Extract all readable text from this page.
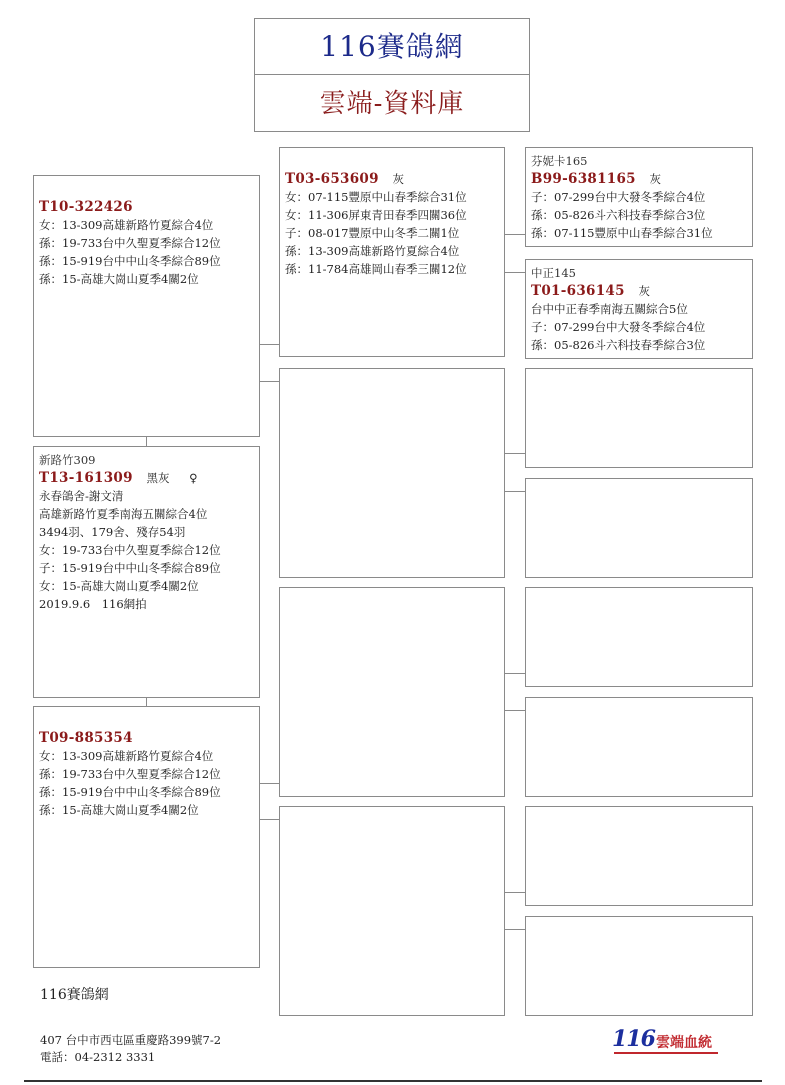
116賽鴿網
雲端-資料庫
T10-322426
女：13-309高雄新路竹夏綜合4位
孫：19-733台中久聖夏季綜合12位
孫：15-919台中中山冬季綜合89位
孫：15-高雄大崗山夏季4關2位
新路竹309
T13-161309 黑灰 ♀
永春鴿舍-謝文清
高雄新路竹夏季南海五關綜合4位
3494羽、179舍、殘存54羽
女：19-733台中久聖夏季綜合12位
子：15-919台中中山冬季綜合89位
女：15-高雄大崗山夏季4關2位
2019.9.6　116網拍
T09-885354
女：13-309高雄新路竹夏綜合4位
孫：19-733台中久聖夏季綜合12位
孫：15-919台中中山冬季綜合89位
孫：15-高雄大崗山夏季4關2位
T03-653609 灰
女：07-115豐原中山春季綜合31位
女：11-306屏東青田春季四關36位
子：08-017豐原中山冬季二關1位
孫：13-309高雄新路竹夏綜合4位
孫：11-784高雄岡山春季三關12位
芬妮卡165
B99-6381165 灰
子：07-299台中大發冬季綜合4位
孫：05-826斗六科技春季綜合3位
孫：07-115豐原中山春季綜合31位
中正145
T01-636145 灰
台中中正春季南海五關綜合5位
子：07-299台中大發冬季綜合4位
孫：05-826斗六科技春季綜合3位
116賽鴿網
407 台中市西屯區重慶路399號7-2
電話：04-2312 3331
116 雲端血統
